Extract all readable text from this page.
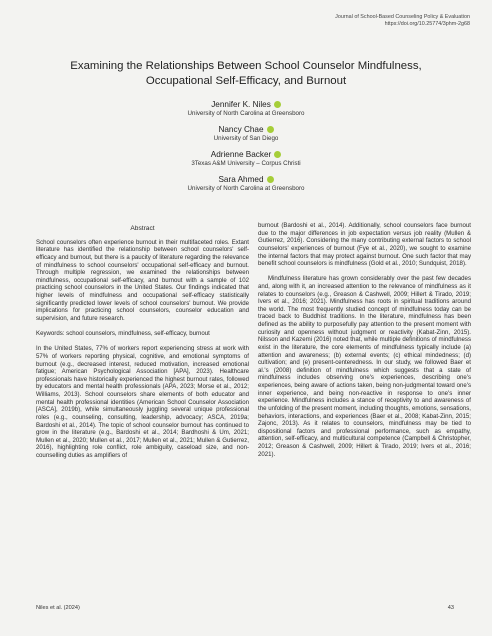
Journal of School-Based Counseling Policy & Evaluation
https://doi.org/10.25774/3phm-2g68
Examining the Relationships Between School Counselor Mindfulness,
Occupational Self-Efficacy, and Burnout
Jennifer K. Niles
University of North Carolina at Greensboro
Nancy Chae
University of San Diego
Adrienne Backer
3Texas A&M University – Corpus Christi
Sara Ahmed
University of North Carolina at Greensboro
Abstract

School counselors often experience burnout in their multifaceted roles. Extant literature has identified the relationship between school counselors' self-efficacy and burnout, but there is a paucity of literature regarding the relevance of mindfulness to school counselors' occupational self-efficacy and burnout. Through multiple regression, we examined the relationships between mindfulness, occupational self-efficacy, and burnout with a sample of 102 practicing school counselors in the United States. Our findings indicated that higher levels of mindfulness and occupational self-efficacy statistically significantly predicted lower levels of school counselors' burnout. We provide implications for practicing school counselors, counselor education and supervision, and future research.

Keywords: school counselors, mindfulness, self-efficacy, burnout

In the United States, 77% of workers report experiencing stress at work with 57% of workers reporting physical, cognitive, and emotional symptoms of burnout (e.g., decreased interest, reduced motivation, increased emotional fatigue; American Psychological Association [APA], 2023). Healthcare professionals have historically experienced the highest burnout rates, followed by educators and mental health professionals (APA, 2023; Morse et al., 2012; Williams, 2013). School counselors share elements of both educator and mental health professional identities (American School Counselor Association [ASCA], 2019b), while simultaneously juggling several unique professional roles (e.g., counseling, consulting, leadership, advocacy; ASCA, 2019a; Bardoshi et al., 2014). The topic of school counselor burnout has continued to grow in the literature (e.g., Bardoshi et al., 2014; Bardhoshi & Um, 2021; Mullen et al., 2020; Mullen et al., 2017; Mullen et al., 2021; Mullen & Gutierrez, 2016), highlighting role conflict, role ambiguity, caseload size, and non-counselling duties as amplifiers of

burnout (Bardoshi et al., 2014). Additionally, school counselors face burnout due to the major differences in job expectation versus job reality (Mullen & Gutierrez, 2016). Considering the many contributing external factors to school counselors' experiences of burnout (Fye et al., 2020), we sought to examine the internal factors that may protect against burnout. One such factor that may benefit school counselors is mindfulness (Gold et al., 2010; Sundquist, 2018).

Mindfulness literature has grown considerably over the past few decades and, along with it, an increased attention to the relevance of mindfulness as it relates to counselors (e.g., Greason & Cashwell, 2009; Hillert & Tirado, 2019; Ivers et al., 2016; 2021). Mindfulness has roots in spiritual traditions around the world. The most frequently studied concept of mindfulness today can be traced back to Buddhist traditions. In the literature, mindfulness has been defined as the ability to purposefully pay attention to the present moment with curiosity and openness without judgment or reactivity (Kabat-Zinn, 2015). Nilsson and Kazemi (2016) noted that, while multiple definitions of mindfulness exist in the literature, the core elements of mindfulness typically include (a) attention and awareness; (b) external events; (c) ethical mindedness; (d) cultivation; and (e) present-centeredness. In our study, we followed Baer et al.'s (2008) definition of mindfulness which suggests that a state of mindfulness includes observing one's experiences, describing one's experiences, being aware of actions taken, being non-judgmental toward one's inner experience, and being non-reactive in response to one's inner experience. Mindfulness includes a stance of receptivity to and awareness of the unfolding of the present moment, including thoughts, emotions, sensations, behaviors, interactions, and experiences (Baer et al., 2008; Kabat-Zinn, 2015; Zajonc, 2013). As it relates to counselors, mindfulness may be tied to dispositional factors and professional performance, such as empathy, attention, self-efficacy, and multicultural competence (Campbell & Christopher, 2012; Greason & Cashwell, 2009; Hillert & Tirado, 2019; Ivers et al., 2016; 2021).

Niles et al. (2024)	43
